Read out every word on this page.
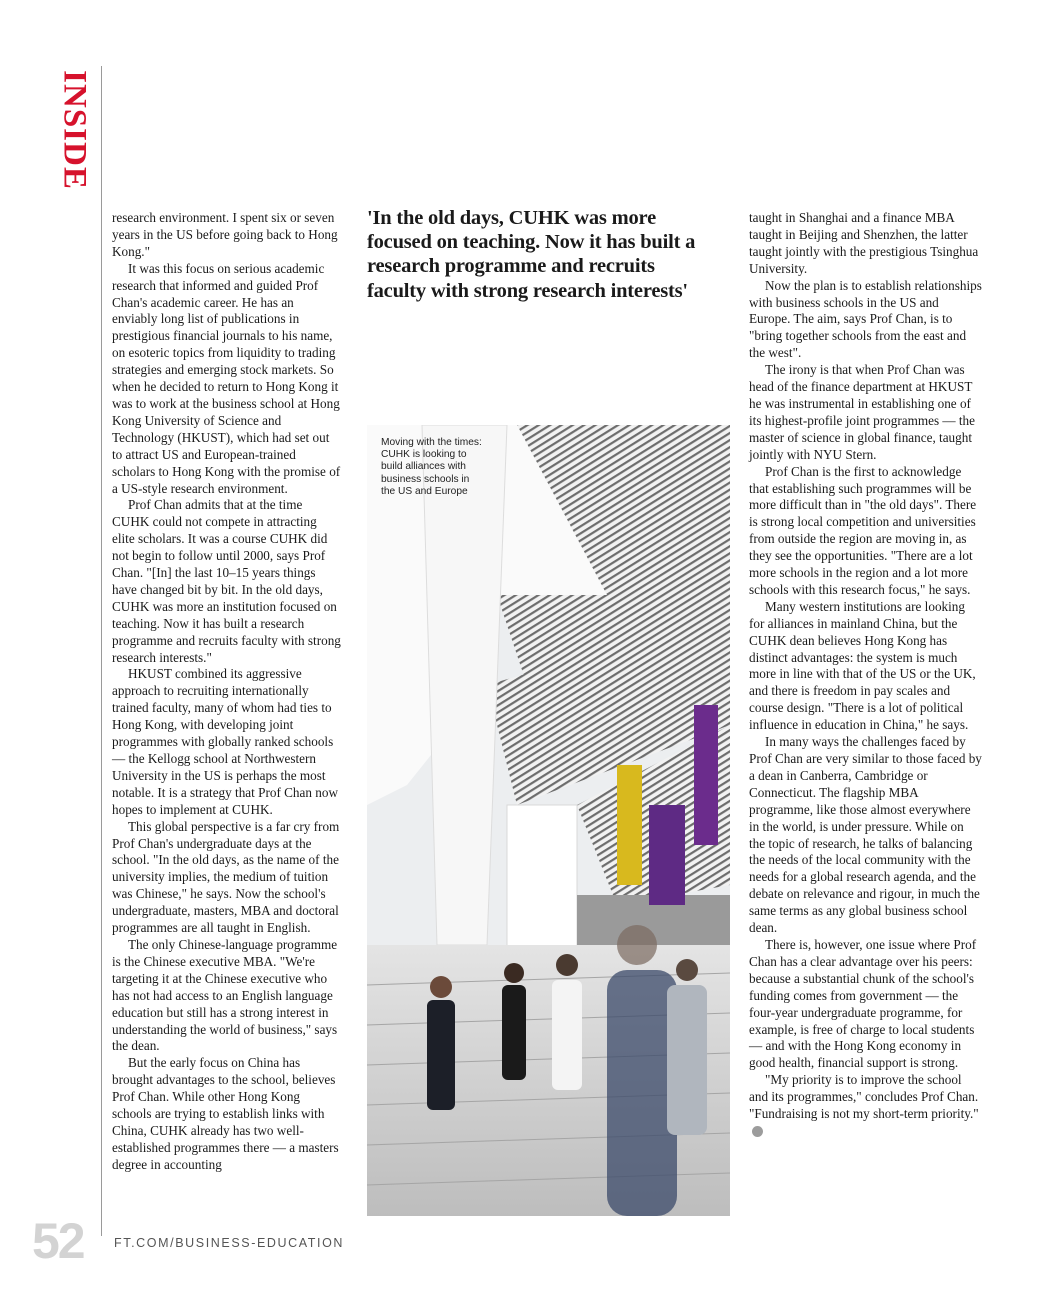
INSIDE

research environment. I spent six or seven years in the US before going back to Hong Kong."

It was this focus on serious academic research that informed and guided Prof Chan's academic career. He has an enviably long list of publications in prestigious financial journals to his name, on esoteric topics from liquidity to trading strategies and emerging stock markets. So when he decided to return to Hong Kong it was to work at the business school at Hong Kong University of Science and Technology (HKUST), which had set out to attract US and European-trained scholars to Hong Kong with the promise of a US-style research environment.

Prof Chan admits that at the time CUHK could not compete in attracting elite scholars. It was a course CUHK did not begin to follow until 2000, says Prof Chan. "[In] the last 10–15 years things have changed bit by bit. In the old days, CUHK was more an institution focused on teaching. Now it has built a research programme and recruits faculty with strong research interests."

HKUST combined its aggressive approach to recruiting internationally trained faculty, many of whom had ties to Hong Kong, with developing joint programmes with globally ranked schools — the Kellogg school at Northwestern University in the US is perhaps the most notable. It is a strategy that Prof Chan now hopes to implement at CUHK.

This global perspective is a far cry from Prof Chan's undergraduate days at the school. "In the old days, as the name of the university implies, the medium of tuition was Chinese," he says. Now the school's undergraduate, masters, MBA and doctoral programmes are all taught in English.

The only Chinese-language programme is the Chinese executive MBA. "We're targeting it at the Chinese executive who has not had access to an English language education but still has a strong interest in understanding the world of business," says the dean.

But the early focus on China has brought advantages to the school, believes Prof Chan. While other Hong Kong schools are trying to establish links with China, CUHK already has two well-established programmes there — a masters degree in accounting

'In the old days, CUHK was more focused on teaching. Now it has built a research programme and recruits faculty with strong research interests'
Moving with the times: CUHK is looking to build alliances with business schools in the US and Europe

taught in Shanghai and a finance MBA taught in Beijing and Shenzhen, the latter taught jointly with the prestigious Tsinghua University.

Now the plan is to establish relationships with business schools in the US and Europe. The aim, says Prof Chan, is to "bring together schools from the east and the west".

The irony is that when Prof Chan was head of the finance department at HKUST he was instrumental in establishing one of its highest-profile joint programmes — the master of science in global finance, taught jointly with NYU Stern.

Prof Chan is the first to acknowledge that establishing such programmes will be more difficult than in "the old days". There is strong local competition and universities from outside the region are moving in, as they see the opportunities. "There are a lot more schools in the region and a lot more schools with this research focus," he says.

Many western institutions are looking for alliances in mainland China, but the CUHK dean believes Hong Kong has distinct advantages: the system is much more in line with that of the US or the UK, and there is freedom in pay scales and course design. "There is a lot of political influence in education in China," he says.

In many ways the challenges faced by Prof Chan are very similar to those faced by a dean in Canberra, Cambridge or Connecticut. The flagship MBA programme, like those almost everywhere in the world, is under pressure. While on the topic of research, he talks of balancing the needs of the local community with the needs for a global research agenda, and the debate on relevance and rigour, in much the same terms as any global business school dean.

There is, however, one issue where Prof Chan has a clear advantage over his peers: because a substantial chunk of the school's funding comes from government — the four-year undergraduate programme, for example, is free of charge to local students — and with the Hong Kong economy in good health, financial support is strong.

"My priority is to improve the school and its programmes," concludes Prof Chan. "Fundraising is not my short-term priority."B

52 FT.COM/BUSINESS-EDUCATION
